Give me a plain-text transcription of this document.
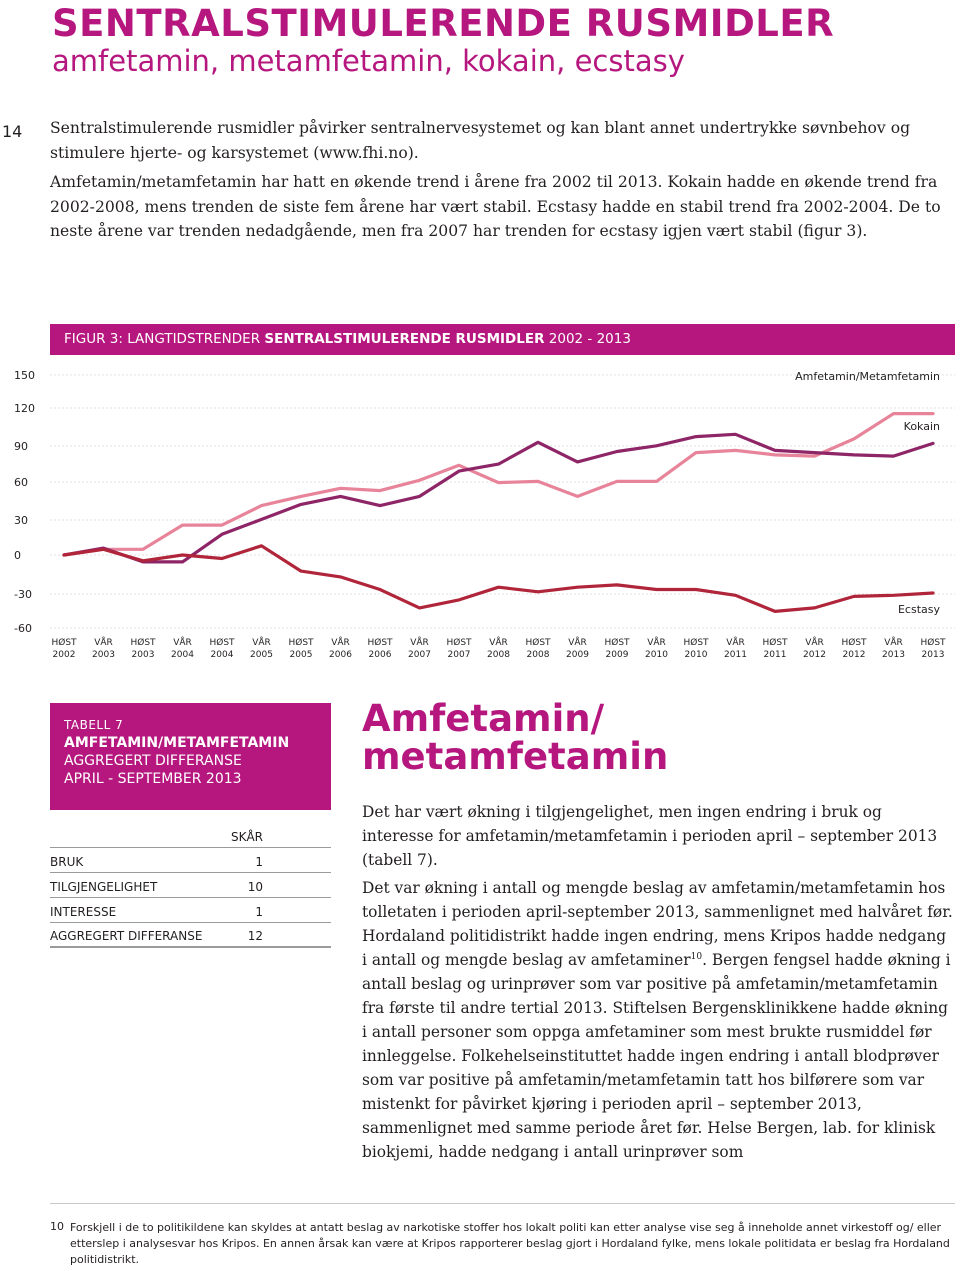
SENTRALSTIMULERENDE RUSMIDLER
amfetamin, metamfetamin, kokain, ecstasy
14 Sentralstimulerende rusmidler påvirker sentralnervesystemet og kan blant annet undertrykke søvnbehov og stimulere hjerte- og karsystemet (www.fhi.no).

Amfetamin/metamfetamin har hatt en økende trend i årene fra 2002 til 2013. Kokain hadde en økende trend fra 2002-2008, mens trenden de siste fem årene har vært stabil. Ecstasy hadde en stabil trend fra 2002-2004. De to neste årene var trenden nedadgående, men fra 2007 har trenden for ecstasy igjen vært stabil (figur 3).

FIGUR 3: LANGTIDSTRENDER SENTRALSTIMULERENDE RUSMIDLER 2002 - 2013
150
120
90
60
30
0
-30
-60
HØST
2002
VÅR
2003
HØST
2003
VÅR
2004
HØST
2004
VÅR
2005
HØST
2005
VÅR
2006
HØST
2006
VÅR
2007
HØST
2007
VÅR
2008
HØST
2008
VÅR
2009
HØST
2009
VÅR
2010
HØST
2010
VÅR
2011
HØST
2011
VÅR
2012
HØST
2012
VÅR
2013
HØST
2013
Amfetamin/Metamfetamin
Kokain
Ecstasy
TABELL 7
AMFETAMIN/METAMFETAMIN
AGGREGERT DIFFERANSE
APRIL - SEPTEMBER 2013
	SKÅR
BRUK	1
TILGJENGELIGHET	10
INTERESSE	1
AGGREGERT DIFFERANSE	12
Amfetamin/
metamfetamin

Det har vært økning i tilgjengelighet, men ingen endring i bruk og interesse for amfetamin/metamfetamin i perioden april – september 2013 (tabell 7).

Det var økning i antall og mengde beslag av amfetamin/metamfetamin hos tolletaten i perioden april-september 2013, sammenlignet med halvåret før. Hordaland politidistrikt hadde ingen endring, mens Kripos hadde nedgang i antall og mengde beslag av amfetaminer$^{10}$. Bergen fengsel hadde økning i antall beslag og urinprøver som var positive på amfetamin/metamfetamin fra første til andre tertial 2013. Stiftelsen Bergensklinikkene hadde økning i antall personer som oppga amfetaminer som mest brukte rusmiddel før innleggelse. Folkehelseinstituttet hadde ingen endring i antall blodprøver som var positive på amfetamin/metamfetamin tatt hos bilførere som var mistenkt for påvirket kjøring i perioden april – september 2013, sammenlignet med samme periode året før. Helse Bergen, lab. for klinisk biokjemi, hadde nedgang i antall urinprøver som

10 Forskjell i de to politikildene kan skyldes at antatt beslag av narkotiske stoffer hos lokalt politi kan etter analyse vise seg å inneholde annet virkestoff og/ eller etterslep i analysesvar hos Kripos. En annen årsak kan være at Kripos rapporterer beslag gjort i Hordaland fylke, mens lokale politidata er beslag fra Hordaland politidistrikt.
